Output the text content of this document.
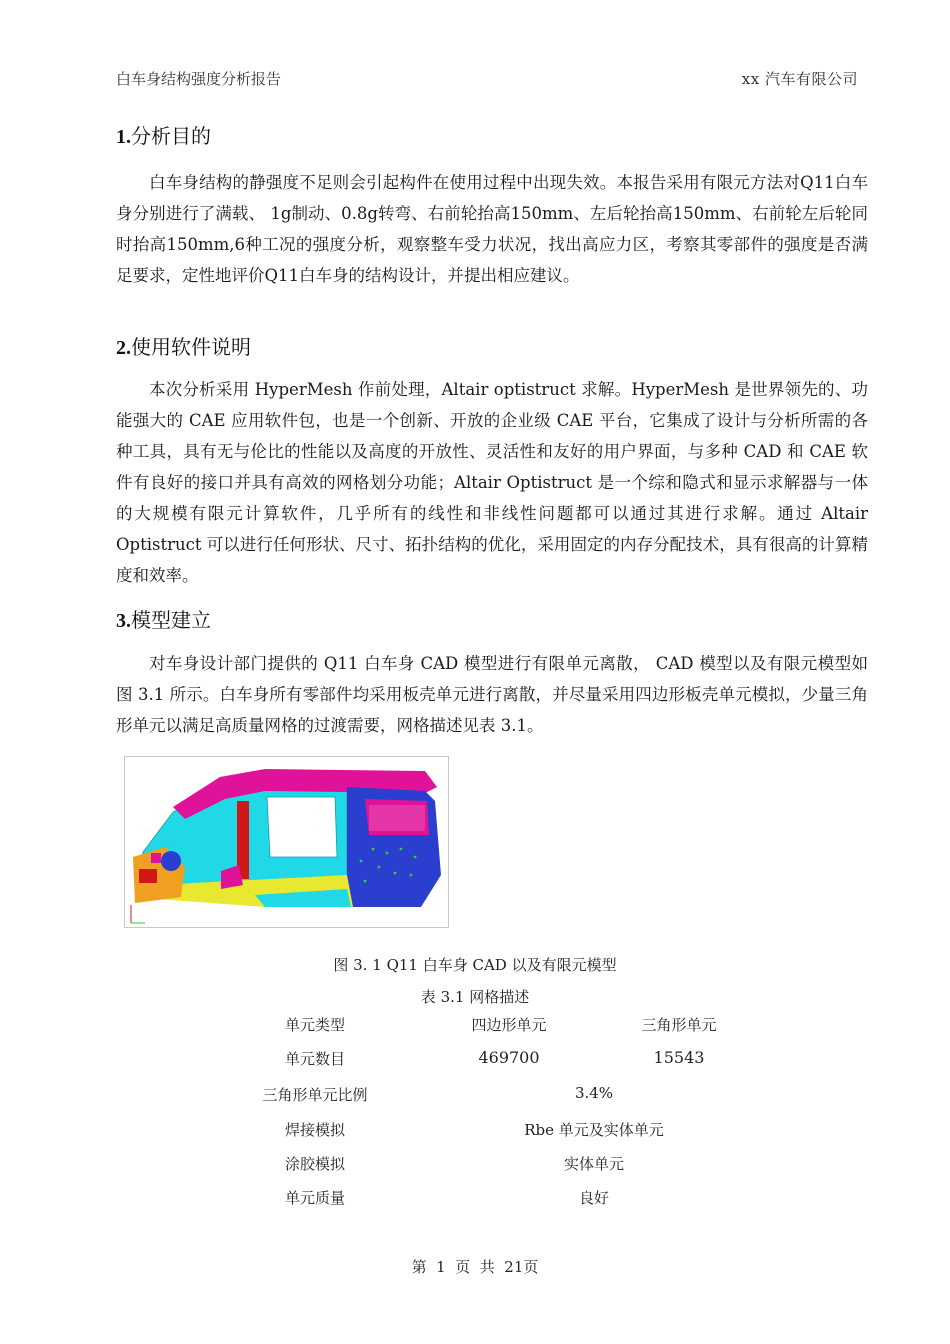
白车身结构强度分析报告	xx 汽车有限公司
1.分析目的

白车身结构的静强度不足则会引起构件在使用过程中出现失效。本报告采用有限元方法对Q11白车身分别进行了满载、 1g制动、0.8g转弯、右前轮抬高150mm、左后轮抬高150mm、右前轮左后轮同时抬高150mm,6种工况的强度分析，观察整车受力状况，找出高应力区，考察其零部件的强度是否满足要求，定性地评价Q11白车身的结构设计，并提出相应建议。

2.使用软件说明

本次分析采用 HyperMesh 作前处理，Altair optistruct 求解。HyperMesh 是世界领先的、功能强大的 CAE 应用软件包，也是一个创新、开放的企业级 CAE 平台，它集成了设计与分析所需的各种工具，具有无与伦比的性能以及高度的开放性、灵活性和友好的用户界面，与多种 CAD 和 CAE 软件有良好的接口并具有高效的网格划分功能；Altair Optistruct 是一个综和隐式和显示求解器与一体的大规模有限元计算软件，几乎所有的线性和非线性问题都可以通过其进行求解。通过 Altair Optistruct 可以进行任何形状、尺寸、拓扑结构的优化，采用固定的内存分配技术，具有很高的计算精度和效率。

3.模型建立

对车身设计部门提供的 Q11 白车身 CAD 模型进行有限单元离散， CAD 模型以及有限元模型如图 3.1 所示。白车身所有零部件均采用板壳单元进行离散，并尽量采用四边形板壳单元模拟，少量三角形单元以满足高质量网格的过渡需要，网格描述见表 3.1。

图 3. 1 Q11 白车身 CAD 以及有限元模型
表 3.1 网格描述
单元类型	四边形单元	三角形单元
单元数目	469700	15543
三角形单元比例	3.4%
焊接模拟	Rbe 单元及实体单元
涂胶模拟	实体单元
单元质量	良好
第  1  页  共  21页
